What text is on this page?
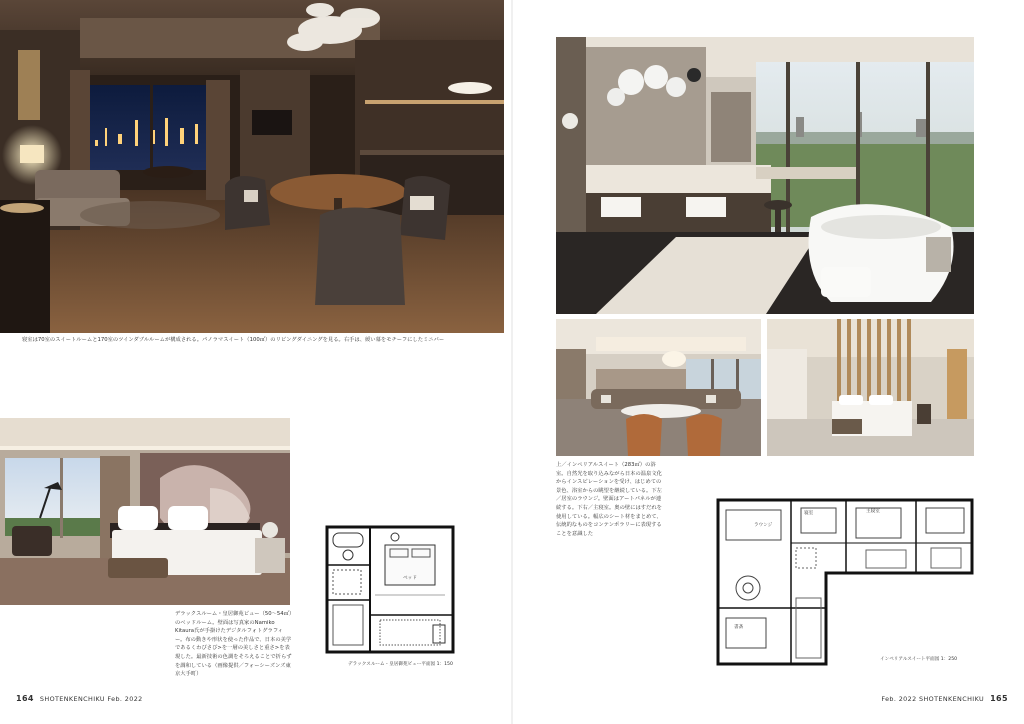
寝室は70室のスイートルームと170室のツインダブルルームが構成される。パノラマスイート（100㎡）のリビングダイニングを見る。右手は、緩い幕をモチーフにしたミニバー
デラックスルーム・皇居御苑ビュー（50〜54㎡）のベッドルーム。壁面は写真家のNamiko Kitaura氏が手掛けたデジタルフォトグラフィー。布の動きや形状を使った作品で、日本の美学であるくわびさび>を一層の美しさと重さ>を表現した。最新技術の色調をそろえることで折らずを調和している（画像提供／フォーシーズンズ東京大手町）
ベッド
デラックスルーム・皇居御苑ビュー平面図 1：150
164 SHOTENKENCHIKU Feb. 2022
上／インペリアルスイート（283㎡）の浴室。自然光を取り込みながら日本の温泉文化からインスピレーションを受け、はじめての景色、浴室からの眺望を継続している。下左／居室のラウンジ。壁面はアートパネルが連続する。下右／主寝室。奥の壁にはすだれを使用している。幅広のシート材をまとめて、伝統的なものをコンテンポラリーに表現することを意識した
ラウンジ
主寝室
寝室
書斎
インペリアルスイート平面図 1：250
Feb. 2022 SHOTENKENCHIKU 165
